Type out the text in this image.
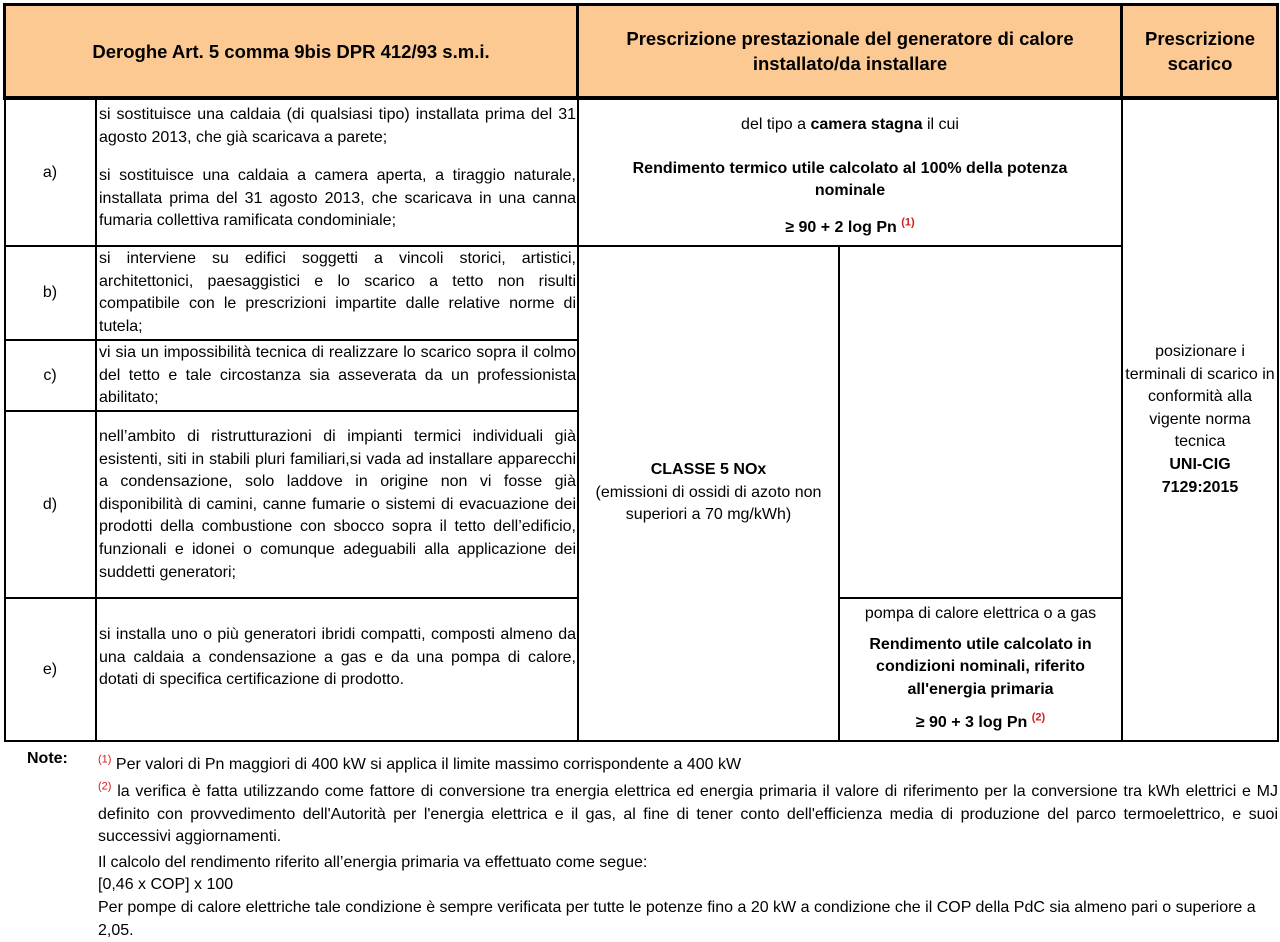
Deroghe Art. 5 comma 9bis DPR 412/93 s.m.i.
Prescrizione prestazionale del generatore di calore installato/da installare
Prescrizione scarico
a)
b)
c)
d)
e)
si sostituisce una caldaia (di qualsiasi tipo) installata prima del 31 agosto 2013, che già scaricava a parete;
si sostituisce una caldaia a camera aperta, a tiraggio naturale, installata prima del 31 agosto 2013, che scaricava in una canna fumaria collettiva ramificata condominiale;
si interviene su edifici soggetti a vincoli storici, artistici, architettonici, paesaggistici e lo scarico a tetto non risulti compatibile con le prescrizioni impartite dalle relative norme di tutela;
vi sia un impossibilità tecnica di realizzare lo scarico sopra il colmo del tetto e tale circostanza sia asseverata da un professionista abilitato;
nell’ambito di ristrutturazioni di impianti termici individuali già esistenti, siti in stabili pluri familiari,si vada ad installare apparecchi a condensazione, solo laddove in origine non vi fosse già disponibilità di camini, canne fumarie o sistemi di evacuazione dei prodotti della combustione con sbocco sopra il tetto dell’edificio, funzionali e idonei o comunque adeguabili alla applicazione dei suddetti generatori;
si installa uno o più generatori ibridi compatti, composti almeno da una caldaia a condensazione a gas e da una pompa di calore, dotati di specifica certificazione di prodotto.
del tipo a camera stagna il cui
Rendimento termico utile calcolato al 100% della potenza nominale
≥ 90 + 2 log Pn $^{(1)}$
CLASSE 5 NOx
(emissioni di ossidi di azoto non superiori a 70 mg/kWh)
pompa di calore elettrica o a gas
Rendimento utile calcolato in condizioni nominali, riferito all'energia primaria
≥ 90 + 3 log Pn $^{(2)}$
posizionare i terminali di scarico in conformità alla vigente norma tecnica
UNI-CIG 7129:2015
Note:	$^{(1)}$ Per valori di Pn maggiori di 400 kW si applica il limite massimo corrispondente a 400 kW
$^{(2)}$ la verifica è fatta utilizzando come fattore di conversione tra energia elettrica ed energia primaria il valore di riferimento per la conversione tra kWh elettrici e MJ definito con provvedimento dell'Autorità per l'energia elettrica e il gas, al fine di tener conto dell'efficienza media di produzione del parco termoelettrico, e suoi successivi aggiornamenti.
Il calcolo del rendimento riferito all’energia primaria va effettuato come segue:
[0,46 x COP] x 100
Per pompe di calore elettriche tale condizione è sempre verificata per tutte le potenze fino a 20 kW a condizione che il COP della PdC sia almeno pari o superiore a 2,05.
